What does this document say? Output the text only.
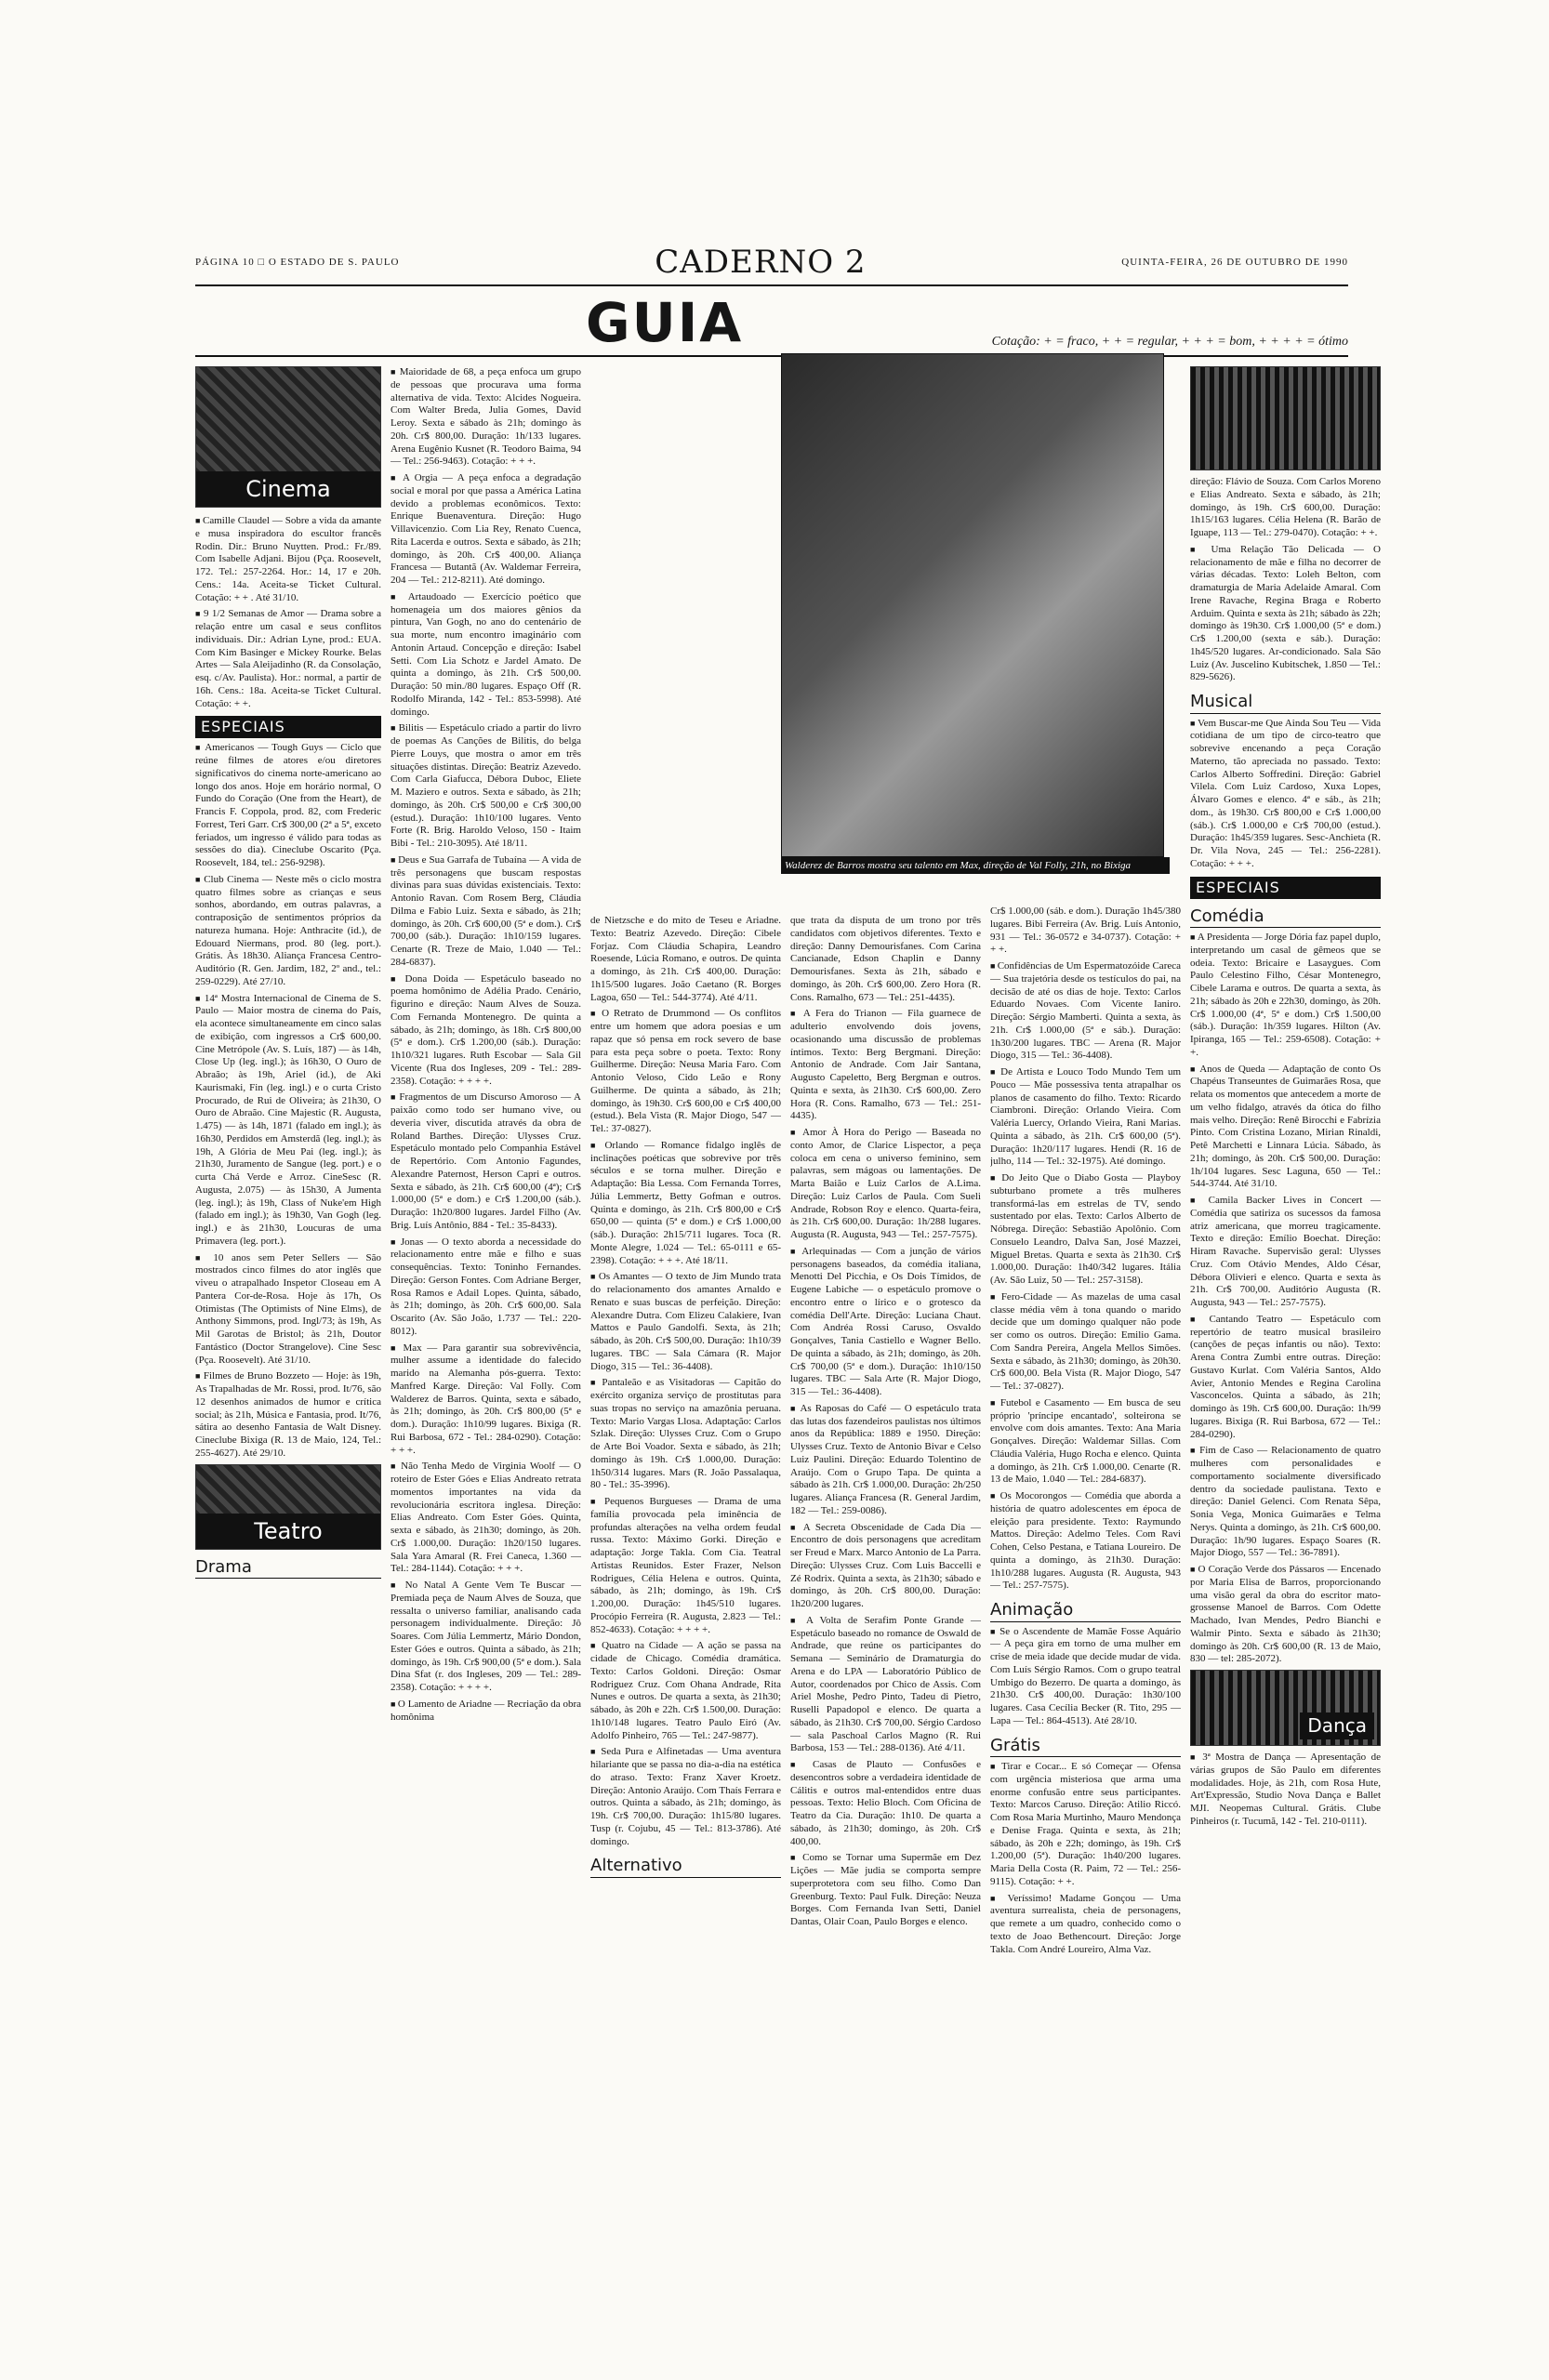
PÁGINA 10 □ O ESTADO DE S. PAULO	CADERNO 2	QUINTA-FEIRA, 26 DE OUTUBRO DE 1990
GUIA	Cotação: + = fraco, + + = regular, + + + = bom, + + + + = ótimo
Walderez de Barros mostra seu talento em Max, direção de Val Folly, 21h, no Bixiga
Cinema

■ Camille Claudel — Sobre a vida da amante e musa inspiradora do escultor francês Rodin. Dir.: Bruno Nuytten. Prod.: Fr./89. Com Isabelle Adjani. Bijou (Pça. Roosevelt, 172. Tel.: 257-2264. Hor.: 14, 17 e 20h. Cens.: 14a. Aceita-se Ticket Cultural. Cotação: + + . Até 31/10.

■ 9 1/2 Semanas de Amor — Drama sobre a relação entre um casal e seus conflitos individuais. Dir.: Adrian Lyne, prod.: EUA. Com Kim Basinger e Mickey Rourke. Belas Artes — Sala Aleijadinho (R. da Consolação, esq. c/Av. Paulista). Hor.: normal, a partir de 16h. Cens.: 18a. Aceita-se Ticket Cultural. Cotação: + +.

ESPECIAIS

■ Americanos — Tough Guys — Ciclo que reúne filmes de atores e/ou diretores significativos do cinema norte-americano ao longo dos anos. Hoje em horário normal, O Fundo do Coração (One from the Heart), de Francis F. Coppola, prod. 82, com Frederic Forrest, Teri Garr. Cr$ 300,00 (2ª a 5ª, exceto feriados, um ingresso é válido para todas as sessões do dia). Cineclube Oscarito (Pça. Roosevelt, 184, tel.: 256-9298).

■ Club Cinema — Neste mês o ciclo mostra quatro filmes sobre as crianças e seus sonhos, abordando, em outras palavras, a contraposição de sentimentos próprios da natureza humana. Hoje: Anthracite (id.), de Edouard Niermans, prod. 80 (leg. port.). Grátis. Às 18h30. Aliança Francesa Centro-Auditório (R. Gen. Jardim, 182, 2º and., tel.: 259-0229). Até 27/10.

■ 14ª Mostra Internacional de Cinema de S. Paulo — Maior mostra de cinema do País, ela acontece simultaneamente em cinco salas de exibição, com ingressos a Cr$ 600,00. Cine Metrópole (Av. S. Luís, 187) — às 14h, Close Up (leg. ingl.); às 16h30, O Ouro de Abraão; às 19h, Ariel (id.), de Aki Kaurismaki, Fin (leg. ingl.) e o curta Cristo Procurado, de Rui de Oliveira; às 21h30, O Ouro de Abraão. Cine Majestic (R. Augusta, 1.475) — às 14h, 1871 (falado em ingl.); às 16h30, Perdidos em Amsterdã (leg. ingl.); às 19h, A Glória de Meu Pai (leg. ingl.); às 21h30, Juramento de Sangue (leg. port.) e o curta Chá Verde e Arroz. CineSesc (R. Augusta, 2.075) — às 15h30, A Jumenta (leg. ingl.); às 19h, Class of Nuke'em High (falado em ingl.); às 19h30, Van Gogh (leg. ingl.) e às 21h30, Loucuras de uma Primavera (leg. port.).

■ 10 anos sem Peter Sellers — São mostrados cinco filmes do ator inglês que viveu o atrapalhado Inspetor Closeau em A Pantera Cor-de-Rosa. Hoje às 17h, Os Otimistas (The Optimists of Nine Elms), de Anthony Simmons, prod. Ingl/73; às 19h, As Mil Garotas de Bristol; às 21h, Doutor Fantástico (Doctor Strangelove). Cine Sesc (Pça. Roosevelt). Até 31/10.

■ Filmes de Bruno Bozzeto — Hoje: às 19h, As Trapalhadas de Mr. Rossi, prod. It/76, são 12 desenhos animados de humor e crítica social; às 21h, Música e Fantasia, prod. It/76, sátira ao desenho Fantasia de Walt Disney. Cineclube Bixiga (R. 13 de Maio, 124, Tel.: 255-4627). Até 29/10.

Teatro
Drama

■ Maioridade de 68, a peça enfoca um grupo de pessoas que procurava uma forma alternativa de vida. Texto: Alcides Nogueira. Com Walter Breda, Julia Gomes, David Leroy. Sexta e sábado às 21h; domingo às 20h. Cr$ 800,00. Duração: 1h/133 lugares. Arena Eugênio Kusnet (R. Teodoro Baima, 94 — Tel.: 256-9463). Cotação: + + +.

■ A Orgia — A peça enfoca a degradação social e moral por que passa a América Latina devido a problemas econômicos. Texto: Enrique Buenaventura. Direção: Hugo Villavicenzio. Com Lia Rey, Renato Cuenca, Rita Lacerda e outros. Sexta e sábado, às 21h; domingo, às 20h. Cr$ 400,00. Aliança Francesa — Butantã (Av. Waldemar Ferreira, 204 — Tel.: 212-8211). Até domingo.

■ Artaudoado — Exercício poético que homenageia um dos maiores gênios da pintura, Van Gogh, no ano do centenário de sua morte, num encontro imaginário com Antonin Artaud. Concepção e direção: Isabel Setti. Com Lia Schotz e Jardel Amato. De quinta a domingo, às 21h. Cr$ 500,00. Duração: 50 min./80 lugares. Espaço Off (R. Rodolfo Miranda, 142 - Tel.: 853-5998). Até domingo.

■ Bilitis — Espetáculo criado a partir do livro de poemas As Canções de Bilitis, do belga Pierre Louys, que mostra o amor em três situações distintas. Direção: Beatriz Azevedo. Com Carla Giafucca, Débora Duboc, Eliete M. Maziero e outros. Sexta e sábado, às 21h; domingo, às 20h. Cr$ 500,00 e Cr$ 300,00 (estud.). Duração: 1h10/100 lugares. Vento Forte (R. Brig. Haroldo Veloso, 150 - Itaim Bibi - Tel.: 210-3095). Até 18/11.

■ Deus e Sua Garrafa de Tubaína — A vida de três personagens que buscam respostas divinas para suas dúvidas existenciais. Texto: Antonio Ravan. Com Rosem Berg, Cláudia Dilma e Fabio Luiz. Sexta e sábado, às 21h; domingo, às 20h. Cr$ 600,00 (5ª e dom.). Cr$ 700,00 (sáb.). Duração: 1h10/159 lugares. Cenarte (R. Treze de Maio, 1.040 — Tel.: 284-6837).

■ Dona Doida — Espetáculo baseado no poema homônimo de Adélia Prado. Cenário, figurino e direção: Naum Alves de Souza. Com Fernanda Montenegro. De quinta a sábado, às 21h; domingo, às 18h. Cr$ 800,00 (5ª e dom.). Cr$ 1.200,00 (sáb.). Duração: 1h10/321 lugares. Ruth Escobar — Sala Gil Vicente (Rua dos Ingleses, 209 - Tel.: 289-2358). Cotação: + + + +.

■ Fragmentos de um Discurso Amoroso — A paixão como todo ser humano vive, ou deveria viver, discutida através da obra de Roland Barthes. Direção: Ulysses Cruz. Espetáculo montado pelo Companhia Estável de Repertório. Com Antonio Fagundes, Alexandre Paternost, Herson Capri e outros. Sexta e sábado, às 21h. Cr$ 600,00 (4ª); Cr$ 1.000,00 (5ª e dom.) e Cr$ 1.200,00 (sáb.). Duração: 1h20/800 lugares. Jardel Filho (Av. Brig. Luís Antônio, 884 - Tel.: 35-8433).

■ Jonas — O texto aborda a necessidade do relacionamento entre mãe e filho e suas consequências. Texto: Toninho Fernandes. Direção: Gerson Fontes. Com Adriane Berger, Rosa Ramos e Adail Lopes. Quinta, sábado, às 21h; domingo, às 20h. Cr$ 600,00. Sala Oscarito (Av. São João, 1.737 — Tel.: 220-8012).

■ Max — Para garantir sua sobrevivência, mulher assume a identidade do falecido marido na Alemanha pós-guerra. Texto: Manfred Karge. Direção: Val Folly. Com Walderez de Barros. Quinta, sexta e sábado, às 21h; domingo, às 20h. Cr$ 800,00 (5ª e dom.). Duração: 1h10/99 lugares. Bixiga (R. Rui Barbosa, 672 - Tel.: 284-0290). Cotação: + + +.

■ Não Tenha Medo de Virginia Woolf — O roteiro de Ester Góes e Elias Andreato retrata momentos importantes na vida da revolucionária escritora inglesa. Direção: Elias Andreato. Com Ester Góes. Quinta, sexta e sábado, às 21h30; domingo, às 20h. Cr$ 1.000,00. Duração: 1h20/150 lugares. Sala Yara Amaral (R. Frei Caneca, 1.360 — Tel.: 284-1144). Cotação: + + +.

■ No Natal A Gente Vem Te Buscar — Premiada peça de Naum Alves de Souza, que ressalta o universo familiar, analisando cada personagem individualmente. Direção: Jô Soares. Com Júlia Lemmertz, Mário Dondon, Ester Góes e outros. Quinta a sábado, às 21h; domingo, às 19h. Cr$ 900,00 (5ª e dom.). Sala Dina Sfat (r. dos Ingleses, 209 — Tel.: 289-2358). Cotação: + + + +.

■ O Lamento de Ariadne — Recriação da obra homônima

de Nietzsche e do mito de Teseu e Ariadne. Texto: Beatriz Azevedo. Direção: Cibele Forjaz. Com Cláudia Schapira, Leandro Roesende, Lúcia Romano, e outros. De quinta a domingo, às 21h. Cr$ 400,00. Duração: 1h15/500 lugares. João Caetano (R. Borges Lagoa, 650 — Tel.: 544-3774). Até 4/11.

■ O Retrato de Drummond — Os conflitos entre um homem que adora poesias e um rapaz que só pensa em rock severo de base para esta peça sobre o poeta. Texto: Rony Guilherme. Direção: Neusa Maria Faro. Com Antonio Veloso, Cido Leão e Rony Guilherme. De quinta a sábado, às 21h; domingo, às 19h30. Cr$ 600,00 e Cr$ 400,00 (estud.). Bela Vista (R. Major Diogo, 547 — Tel.: 37-0827).

■ Orlando — Romance fidalgo inglês de inclinações poéticas que sobrevive por três séculos e se torna mulher. Direção e Adaptação: Bia Lessa. Com Fernanda Torres, Júlia Lemmertz, Betty Gofman e outros. Quinta e domingo, às 21h. Cr$ 800,00 e Cr$ 650,00 — quinta (5ª e dom.) e Cr$ 1.000,00 (sáb.). Duração: 2h15/711 lugares. Toca (R. Monte Alegre, 1.024 — Tel.: 65-0111 e 65-2398). Cotação: + + +. Até 18/11.

■ Os Amantes — O texto de Jim Mundo trata do relacionamento dos amantes Arnaldo e Renato e suas buscas de perfeição. Direção: Alexandre Dutra. Com Elizeu Calakiere, Ivan Mattos e Paulo Gandolfi. Sexta, às 21h; sábado, às 20h. Cr$ 500,00. Duração: 1h10/39 lugares. TBC — Sala Cámara (R. Major Diogo, 315 — Tel.: 36-4408).

■ Pantaleão e as Visitadoras — Capitão do exército organiza serviço de prostitutas para suas tropas no serviço na amazônia peruana. Texto: Mario Vargas Llosa. Adaptação: Carlos Szlak. Direção: Ulysses Cruz. Com o Grupo de Arte Boi Voador. Sexta e sábado, às 21h; domingo às 19h. Cr$ 1.000,00. Duração: 1h50/314 lugares. Mars (R. João Passalaqua, 80 - Tel.: 35-3996).

■ Pequenos Burgueses — Drama de uma família provocada pela iminência de profundas alterações na velha ordem feudal russa. Texto: Máximo Gorki. Direção e adaptação: Jorge Takla. Com Cia. Teatral Artistas Reunidos. Ester Frazer, Nelson Rodrigues, Célia Helena e outros. Quinta, sábado, às 21h; domingo, às 19h. Cr$ 1.200,00. Duração: 1h45/510 lugares. Procópio Ferreira (R. Augusta, 2.823 — Tel.: 852-4633). Cotação: + + + +.

■ Quatro na Cidade — A ação se passa na cidade de Chicago. Comédia dramática. Texto: Carlos Goldoni. Direção: Osmar Rodriguez Cruz. Com Ohana Andrade, Rita Nunes e outros. De quarta a sexta, às 21h30; sábado, às 20h e 22h. Cr$ 1.500,00. Duração: 1h10/148 lugares. Teatro Paulo Eiró (Av. Adolfo Pinheiro, 765 — Tel.: 247-9877).

■ Seda Pura e Alfinetadas — Uma aventura hilariante que se passa no dia-a-dia na estética do atraso. Texto: Franz Xaver Kroetz. Direção: Antonio Araújo. Com Thaís Ferrara e outros. Quinta a sábado, às 21h; domingo, às 19h. Cr$ 700,00. Duração: 1h15/80 lugares. Tusp (r. Cojubu, 45 — Tel.: 813-3786). Até domingo.

Alternativo

que trata da disputa de um trono por três candidatos com objetivos diferentes. Texto e direção: Danny Demourisfanes. Com Carina Cancianade, Edson Chaplin e Danny Demourisfanes. Sexta às 21h, sábado e domingo, às 20h. Cr$ 600,00. Zero Hora (R. Cons. Ramalho, 673 — Tel.: 251-4435).

■ A Fera do Trianon — Fila guarnece de adulterio envolvendo dois jovens, ocasionando uma discussão de problemas íntimos. Texto: Berg Bergmani. Direção: Antonio de Andrade. Com Jair Santana, Augusto Capeletto, Berg Bergman e outros. Quinta e sexta, às 21h30. Cr$ 600,00. Zero Hora (R. Cons. Ramalho, 673 — Tel.: 251-4435).

■ Amor À Hora do Perigo — Baseada no conto Amor, de Clarice Lispector, a peça coloca em cena o universo feminino, sem palavras, sem mágoas ou lamentações. De Marta Baião e Luiz Carlos de A.Lima. Direção: Luiz Carlos de Paula. Com Sueli Andrade, Robson Roy e elenco. Quarta-feira, às 21h. Cr$ 600,00. Duração: 1h/288 lugares. Augusta (R. Augusta, 943 — Tel.: 257-7575).

■ Arlequinadas — Com a junção de vários personagens baseados, da comédia italiana, Menotti Del Picchia, e Os Dois Tímidos, de Eugene Labiche — o espetáculo promove o encontro entre o lírico e o grotesco da comédia Dell'Arte. Direção: Luciana Chaut. Com Andréa Rossi Caruso, Osvaldo Gonçalves, Tania Castiello e Wagner Bello. De quinta a sábado, às 21h; domingo, às 20h. Cr$ 700,00 (5ª e dom.). Duração: 1h10/150 lugares. TBC — Sala Arte (R. Major Diogo, 315 — Tel.: 36-4408).

■ As Raposas do Café — O espetáculo trata das lutas dos fazendeiros paulistas nos últimos anos da República: 1889 e 1950. Direção: Ulysses Cruz. Texto de Antonio Bivar e Celso Luiz Paulini. Direção: Eduardo Tolentino de Araújo. Com o Grupo Tapa. De quinta a sábado às 21h. Cr$ 1.000,00. Duração: 2h/250 lugares. Aliança Francesa (R. General Jardim, 182 — Tel.: 259-0086).

■ A Secreta Obscenidade de Cada Dia — Encontro de dois personagens que acreditam ser Freud e Marx. Marco Antonio de La Parra. Direção: Ulysses Cruz. Com Luis Baccelli e Zé Rodrix. Quinta a sexta, às 21h30; sábado e domingo, às 20h. Cr$ 800,00. Duração: 1h20/200 lugares.

■ A Volta de Serafim Ponte Grande — Espetáculo baseado no romance de Oswald de Andrade, que reúne os participantes do Semana — Seminário de Dramaturgia do Arena e do LPA — Laboratório Público de Autor, coordenados por Chico de Assis. Com Ariel Moshe, Pedro Pinto, Tadeu di Pietro, Ruselli Papadopol e elenco. De quarta a sábado, às 21h30. Cr$ 700,00. Sérgio Cardoso — sala Paschoal Carlos Magno (R. Rui Barbosa, 153 — Tel.: 288-0136). Até 4/11.

■ Casas de Plauto — Confusões e desencontros sobre a verdadeira identidade de Cálitis e outros mal-entendidos entre duas pessoas. Texto: Helio Bloch. Com Oficina de Teatro da Cia. Duração: 1h10. De quarta a sábado, às 21h30; domingo, às 20h. Cr$ 400,00.

■ Como se Tornar uma Supermãe em Dez Lições — Mãe judia se comporta sempre superprotetora com seu filho. Como Dan Greenburg. Texto: Paul Fulk. Direção: Neuza Borges. Com Fernanda Ivan Setti, Daniel Dantas, Olair Coan, Paulo Borges e elenco.

Cr$ 1.000,00 (sáb. e dom.). Duração 1h45/380 lugares. Bibi Ferreira (Av. Brig. Luís Antonio, 931 — Tel.: 36-0572 e 34-0737). Cotação: + + +.

■ Confidências de Um Espermatozóide Careca — Sua trajetória desde os testículos do pai, na decisão de até os dias de hoje. Texto: Carlos Eduardo Novaes. Com Vicente Ianiro. Direção: Sérgio Mamberti. Quinta a sexta, às 21h. Cr$ 1.000,00 (5ª e sáb.). Duração: 1h30/200 lugares. TBC — Arena (R. Major Diogo, 315 — Tel.: 36-4408).

■ De Artista e Louco Todo Mundo Tem um Pouco — Mãe possessiva tenta atrapalhar os planos de casamento do filho. Texto: Ricardo Ciambroni. Direção: Orlando Vieira. Com Valéria Luercy, Orlando Vieira, Rani Marias. Quinta a sábado, às 21h. Cr$ 600,00 (5ª). Duração: 1h20/117 lugares. Hendi (R. 16 de julho, 114 — Tel.: 32-1975). Até domingo.

■ Do Jeito Que o Diabo Gosta — Playboy subturbano promete a três mulheres transformá-las em estrelas de TV, sendo sustentado por elas. Texto: Carlos Alberto de Nóbrega. Direção: Sebastião Apolônio. Com Consuelo Leandro, Dalva San, José Mazzei, Miguel Bretas. Quarta e sexta às 21h30. Cr$ 1.000,00. Duração: 1h40/342 lugares. Itália (Av. São Luiz, 50 — Tel.: 257-3158).

■ Fero-Cidade — As mazelas de uma casal classe média vêm à tona quando o marido decide que um domingo qualquer não pode ser como os outros. Direção: Emilio Gama. Com Sandra Pereira, Angela Mellos Simões. Sexta e sábado, às 21h30; domingo, às 20h30. Cr$ 600,00. Bela Vista (R. Major Diogo, 547 — Tel.: 37-0827).

■ Futebol e Casamento — Em busca de seu próprio 'príncipe encantado', solteirona se envolve com dois amantes. Texto: Ana Maria Gonçalves. Direção: Waldemar Sillas. Com Cláudia Valéria, Hugo Rocha e elenco. Quinta a domingo, às 21h. Cr$ 1.000,00. Cenarte (R. 13 de Maio, 1.040 — Tel.: 284-6837).

■ Os Mocorongos — Comédia que aborda a história de quatro adolescentes em época de eleição para presidente. Texto: Raymundo Mattos. Direção: Adelmo Teles. Com Ravi Cohen, Celso Pestana, e Tatiana Loureiro. De quinta a domingo, às 21h30. Duração: 1h10/288 lugares. Augusta (R. Augusta, 943 — Tel.: 257-7575).

Animação

■ Se o Ascendente de Mamãe Fosse Aquário — A peça gira em torno de uma mulher em crise de meia idade que decide mudar de vida. Com Luís Sérgio Ramos. Com o grupo teatral Umbigo do Bezerro. De quarta a domingo, às 21h30. Cr$ 400,00. Duração: 1h30/100 lugares. Casa Cecília Becker (R. Tito, 295 — Lapa — Tel.: 864-4513). Até 28/10.

Grátis

■ Tirar e Cocar... E só Começar — Ofensa com urgência misteriosa que arma uma enorme confusão entre seus participantes. Texto: Marcos Caruso. Direção: Atilio Riccó. Com Rosa Maria Murtinho, Mauro Mendonça e Denise Fraga. Quinta e sexta, às 21h; sábado, às 20h e 22h; domingo, às 19h. Cr$ 1.200,00 (5ª). Duração: 1h40/200 lugares. Maria Della Costa (R. Paim, 72 — Tel.: 256-9115). Cotação: + +.

■ Veríssimo! Madame Gonçou — Uma aventura surrealista, cheia de personagens, que remete a um quadro, conhecido como o texto de Joao Bethencourt. Direção: Jorge Takla. Com André Loureiro, Alma Vaz.

direção: Flávio de Souza. Com Carlos Moreno e Elias Andreato. Sexta e sábado, às 21h; domingo, às 19h. Cr$ 600,00. Duração: 1h15/163 lugares. Célia Helena (R. Barão de Iguape, 113 — Tel.: 279-0470). Cotação: + +.

■ Uma Relação Tão Delicada — O relacionamento de mãe e filha no decorrer de várias décadas. Texto: Loleh Belton, com dramaturgia de Maria Adelaide Amaral. Com Irene Ravache, Regina Braga e Roberto Arduim. Quinta e sexta às 21h; sábado às 22h; domingo às 19h30. Cr$ 1.000,00 (5ª e dom.) Cr$ 1.200,00 (sexta e sáb.). Duração: 1h45/520 lugares. Ar-condicionado. Sala São Luiz (Av. Juscelino Kubitschek, 1.850 — Tel.: 829-5626).

Musical

■ Vem Buscar-me Que Ainda Sou Teu — Vida cotidiana de um tipo de circo-teatro que sobrevive encenando a peça Coração Materno, tão apreciada no passado. Texto: Carlos Alberto Soffredini. Direção: Gabriel Vilela. Com Luiz Cardoso, Xuxa Lopes, Álvaro Gomes e elenco. 4ª e sáb., às 21h; dom., às 19h30. Cr$ 800,00 e Cr$ 1.000,00 (sáb.). Cr$ 1.000,00 e Cr$ 700,00 (estud.). Duração: 1h45/359 lugares. Sesc-Anchieta (R. Dr. Vila Nova, 245 — Tel.: 256-2281). Cotação: + + +.

ESPECIAIS
Comédia

■ A Presidenta — Jorge Dória faz papel duplo, interpretando um casal de gêmeos que se odeia. Texto: Bricaire e Lasaygues. Com Paulo Celestino Filho, César Montenegro, Cibele Larama e outros. De quarta a sexta, às 21h; sábado às 20h e 22h30, domingo, às 20h. Cr$ 1.000,00 (4ª, 5ª e dom.) Cr$ 1.500,00 (sáb.). Duração: 1h/359 lugares. Hilton (Av. Ipiranga, 165 — Tel.: 259-6508). Cotação: + +.

■ Anos de Queda — Adaptação de conto Os Chapéus Transeuntes de Guimarães Rosa, que relata os momentos que antecedem a morte de um velho fidalgo, através da ótica do filho mais velho. Direção: Renê Birocchi e Fabrízia Pinto. Com Cristina Lozano, Mirian Rinaldi, Petê Marchetti e Linnara Lúcia. Sábado, às 21h; domingo, às 20h. Cr$ 500,00. Duração: 1h/104 lugares. Sesc Laguna, 650 — Tel.: 544-3744. Até 31/10.

■ Camila Backer Lives in Concert — Comédia que satiriza os sucessos da famosa atriz americana, que morreu tragicamente. Texto e direção: Emílio Boechat. Direção: Hiram Ravache. Supervisão geral: Ulysses Cruz. Com Otávio Mendes, Aldo César, Débora Olivieri e elenco. Quarta e sexta às 21h. Cr$ 700,00. Auditório Augusta (R. Augusta, 943 — Tel.: 257-7575).

■ Cantando Teatro — Espetáculo com repertório de teatro musical brasileiro (canções de peças infantis ou não). Texto: Arena Contra Zumbi entre outras. Direção: Gustavo Kurlat. Com Valéria Santos, Aldo Avier, Antonio Mendes e Regina Carolina Vasconcelos. Quinta a sábado, às 21h; domingo às 19h. Cr$ 600,00. Duração: 1h/99 lugares. Bixiga (R. Rui Barbosa, 672 — Tel.: 284-0290).

■ Fim de Caso — Relacionamento de quatro mulheres com personalidades e comportamento socialmente diversificado dentro da sociedade paulistana. Texto e direção: Daniel Gelenci. Com Renata Sêpa, Sonia Vega, Monica Guimarães e Telma Nerys. Quinta a domingo, às 21h. Cr$ 600,00. Duração: 1h/90 lugares. Espaço Soares (R. Major Diogo, 557 — Tel.: 36-7891).

■ O Coração Verde dos Pássaros — Encenado por Maria Elisa de Barros, proporcionando uma visão geral da obra do escritor mato-grossense Manoel de Barros. Com Odette Machado, Ivan Mendes, Pedro Bianchi e Walmir Pinto. Sexta e sábado às 21h30; domingo às 20h. Cr$ 600,00 (R. 13 de Maio, 830 — tel: 285-2072).

Dança

■ 3ª Mostra de Dança — Apresentação de várias grupos de São Paulo em diferentes modalidades. Hoje, às 21h, com Rosa Hute, Art'Expressão, Studio Nova Dança e Ballet MJI. Neopemas Cultural. Grátis. Clube Pinheiros (r. Tucumã, 142 - Tel. 210-0111).
